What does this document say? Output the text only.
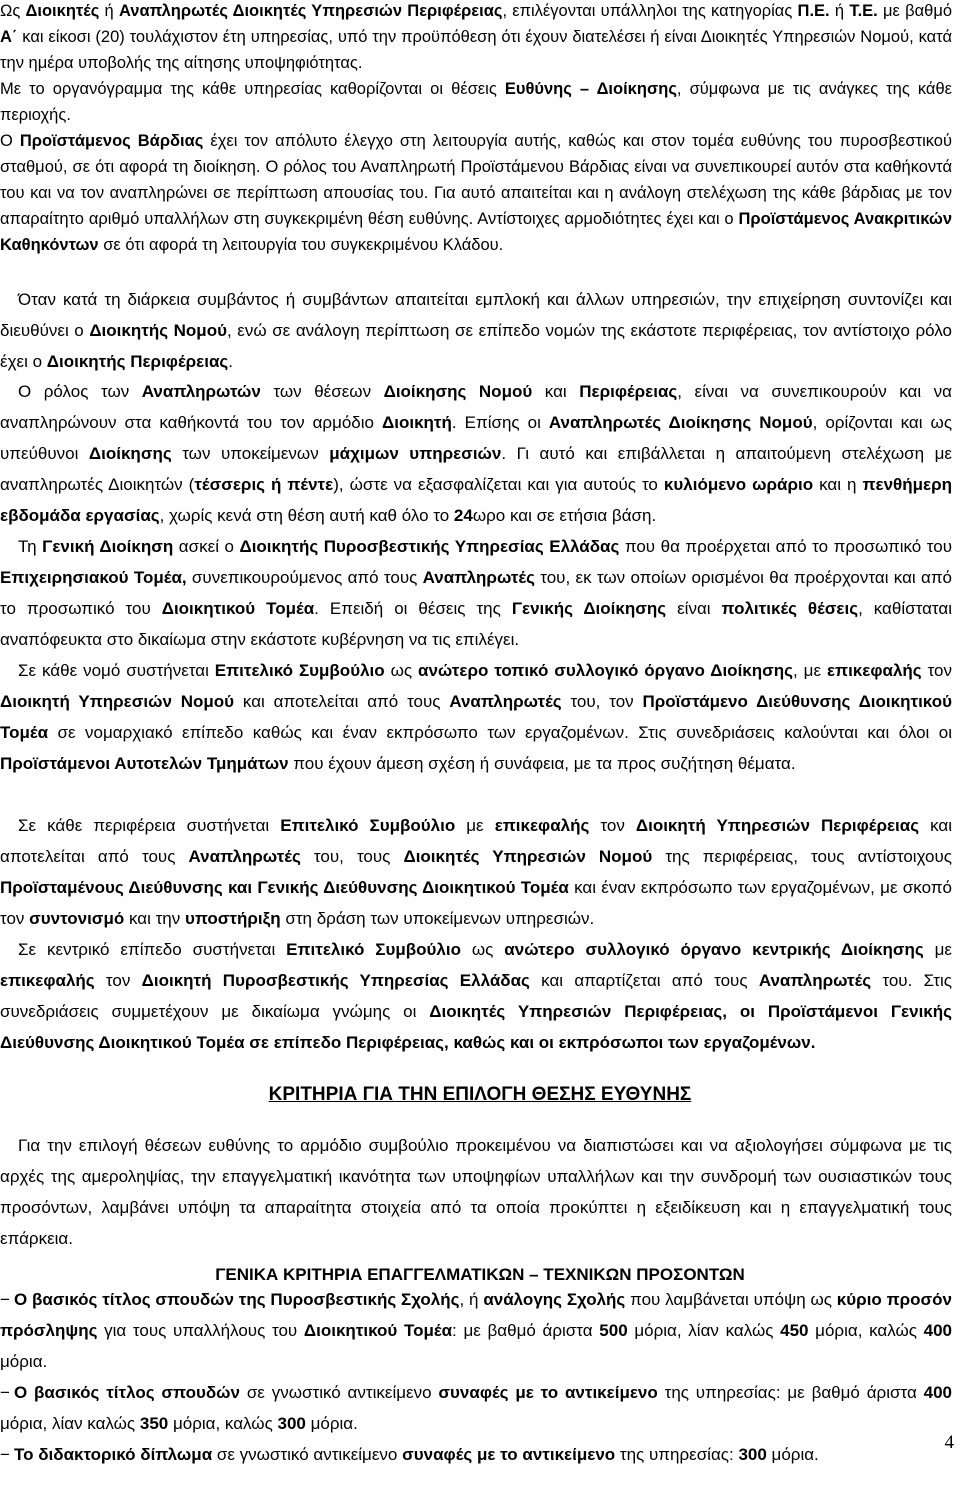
Ως Διοικητές ή Αναπληρωτές Διοικητές Υπηρεσιών Περιφέρειας, επιλέγονται υπάλληλοι της κατηγορίας Π.Ε. ή Τ.Ε. με βαθμό Α΄ και είκοσι (20) τουλάχιστον έτη υπηρεσίας, υπό την προϋπόθεση ότι έχουν διατελέσει ή είναι Διοικητές Υπηρεσιών Νομού, κατά την ημέρα υποβολής της αίτησης υποψηφιότητας.

Με το οργανόγραμμα της κάθε υπηρεσίας καθορίζονται οι θέσεις Ευθύνης – Διοίκησης, σύμφωνα με τις ανάγκες της κάθε περιοχής.

Ο Προϊστάμενος Βάρδιας έχει τον απόλυτο έλεγχο στη λειτουργία αυτής, καθώς και στον τομέα ευθύνης του πυροσβεστικού σταθμού, σε ότι αφορά τη διοίκηση. Ο ρόλος του Αναπληρωτή Προϊστάμενου Βάρδιας είναι να συνεπικουρεί αυτόν στα καθήκοντά του και να τον αναπληρώνει σε περίπτωση απουσίας του. Για αυτό απαιτείται και η ανάλογη στελέχωση της κάθε βάρδιας με τον απαραίτητο αριθμό υπαλλήλων στη συγκεκριμένη θέση ευθύνης. Αντίστοιχες αρμοδιότητες έχει και ο Προϊστάμενος Ανακριτικών Καθηκόντων σε ότι αφορά τη λειτουργία του συγκεκριμένου Κλάδου.

Όταν κατά τη διάρκεια συμβάντος ή συμβάντων απαιτείται εμπλοκή και άλλων υπηρεσιών, την επιχείρηση συντονίζει και διευθύνει ο Διοικητής Νομού, ενώ σε ανάλογη περίπτωση σε επίπεδο νομών της εκάστοτε περιφέρειας, τον αντίστοιχο ρόλο έχει ο Διοικητής Περιφέρειας.

Ο ρόλος των Αναπληρωτών των θέσεων Διοίκησης Νομού και Περιφέρειας, είναι να συνεπικουρούν και να αναπληρώνουν στα καθήκοντά του τον αρμόδιο Διοικητή. Επίσης οι Αναπληρωτές Διοίκησης Νομού, ορίζονται και ως υπεύθυνοι Διοίκησης των υποκείμενων μάχιμων υπηρεσιών. Γι αυτό και επιβάλλεται η απαιτούμενη στελέχωση με αναπληρωτές Διοικητών (τέσσερις ή πέντε), ώστε να εξασφαλίζεται και για αυτούς το κυλιόμενο ωράριο και η πενθήμερη εβδομάδα εργασίας, χωρίς κενά στη θέση αυτή καθ όλο το 24ωρο και σε ετήσια βάση.

Τη Γενική Διοίκηση ασκεί ο Διοικητής Πυροσβεστικής Υπηρεσίας Ελλάδας που θα προέρχεται από το προσωπικό του Επιχειρησιακού Τομέα, συνεπικουρούμενος από τους Αναπληρωτές του, εκ των οποίων ορισμένοι θα προέρχονται και από το προσωπικό του Διοικητικού Τομέα. Επειδή οι θέσεις της Γενικής Διοίκησης είναι πολιτικές θέσεις, καθίσταται αναπόφευκτα στο δικαίωμα στην εκάστοτε κυβέρνηση να τις επιλέγει.

Σε κάθε νομό συστήνεται Επιτελικό Συμβούλιο ως ανώτερο τοπικό συλλογικό όργανο Διοίκησης, με επικεφαλής τον Διοικητή Υπηρεσιών Νομού και αποτελείται από τους Αναπληρωτές του, τον Προϊστάμενο Διεύθυνσης Διοικητικού Τομέα σε νομαρχιακό επίπεδο καθώς και έναν εκπρόσωπο των εργαζομένων. Στις συνεδριάσεις καλούνται και όλοι οι Προϊστάμενοι Αυτοτελών Τμημάτων που έχουν άμεση σχέση ή συνάφεια, με τα προς συζήτηση θέματα.

Σε κάθε περιφέρεια συστήνεται Επιτελικό Συμβούλιο με επικεφαλής τον Διοικητή Υπηρεσιών Περιφέρειας και αποτελείται από τους Αναπληρωτές του, τους Διοικητές Υπηρεσιών Νομού της περιφέρειας, τους αντίστοιχους Προϊσταμένους Διεύθυνσης και Γενικής Διεύθυνσης Διοικητικού Τομέα και έναν εκπρόσωπο των εργαζομένων, με σκοπό τον συντονισμό και την υποστήριξη στη δράση των υποκείμενων υπηρεσιών.

Σε κεντρικό επίπεδο συστήνεται Επιτελικό Συμβούλιο ως ανώτερο συλλογικό όργανο κεντρικής Διοίκησης με επικεφαλής τον Διοικητή Πυροσβεστικής Υπηρεσίας Ελλάδας και απαρτίζεται από τους Αναπληρωτές του. Στις συνεδριάσεις συμμετέχουν με δικαίωμα γνώμης οι Διοικητές Υπηρεσιών Περιφέρειας, οι Προϊστάμενοι Γενικής Διεύθυνσης Διοικητικού Τομέα σε επίπεδο Περιφέρειας, καθώς και οι εκπρόσωποι των εργαζομένων.

ΚΡΙΤΗΡΙΑ ΓΙΑ ΤΗΝ ΕΠΙΛΟΓΗ ΘΕΣΗΣ ΕΥΘΥΝΗΣ

Για την επιλογή θέσεων ευθύνης το αρμόδιο συμβούλιο προκειμένου να διαπιστώσει και να αξιολογήσει σύμφωνα με τις αρχές της αμεροληψίας, την επαγγελματική ικανότητα των υποψηφίων υπαλλήλων και την συνδρομή των ουσιαστικών τους προσόντων, λαμβάνει υπόψη τα απαραίτητα στοιχεία από τα οποία προκύπτει η εξειδίκευση και η επαγγελματική τους επάρκεια.

ΓΕΝΙΚΑ ΚΡΙΤΗΡΙΑ ΕΠΑΓΓΕΛΜΑΤΙΚΩΝ – ΤΕΧΝΙΚΩΝ ΠΡΟΣΟΝΤΩΝ

− Ο βασικός τίτλος σπουδών της Πυροσβεστικής Σχολής, ή ανάλογης Σχολής που λαμβάνεται υπόψη ως κύριο προσόν πρόσληψης για τους υπαλλήλους του Διοικητικού Τομέα: με βαθμό άριστα 500 μόρια, λίαν καλώς 450 μόρια, καλώς 400 μόρια.

− Ο βασικός τίτλος σπουδών σε γνωστικό αντικείμενο συναφές με το αντικείμενο της υπηρεσίας: με βαθμό άριστα 400 μόρια, λίαν καλώς 350 μόρια, καλώς 300 μόρια.

− Το διδακτορικό δίπλωμα σε γνωστικό αντικείμενο συναφές με το αντικείμενο της υπηρεσίας: 300 μόρια.

4
